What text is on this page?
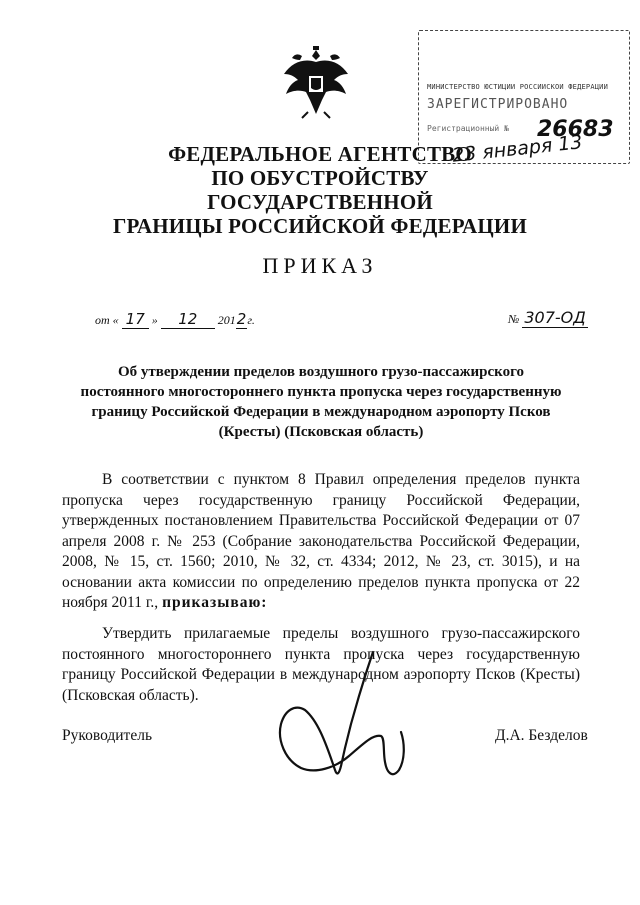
МИНИСТЕРСТВО ЮСТИЦИИ РОССИЙСКОЙ ФЕДЕРАЦИИ
ЗАРЕГИСТРИРОВАНО
Регистрационный №	26683
ФЕДЕРАЛЬНОЕ АГЕНТСТВО
ПО ОБУСТРОЙСТВУ ГОСУДАРСТВЕННОЙ
ГРАНИЦЫ РОССИЙСКОЙ ФЕДЕРАЦИИ
23 января 13
ПРИКАЗ
от « 17 » 12 2012г.	№ 307-ОД
Об утверждении пределов воздушного грузо-пассажирского постоянного многостороннего пункта пропуска через государственную границу Российской Федерации в международном аэропорту Псков (Кресты) (Псковская область)
В соответствии с пунктом 8 Правил определения пределов пункта пропуска через государственную границу Российской Федерации, утвержденных постановлением Правительства Российской Федерации от 07 апреля 2008 г. № 253 (Собрание законодательства Российской Федерации, 2008, № 15, ст. 1560; 2010, № 32, ст. 4334; 2012, № 23, ст. 3015), и на основании акта комиссии по определению пределов пункта пропуска от 22 ноября 2011 г., приказываю:
Утвердить прилагаемые пределы воздушного грузо-пассажирского постоянного многостороннего пункта пропуска через государственную границу Российской Федерации в международном аэропорту Псков (Кресты) (Псковская область).
Руководитель	Д.А. Безделов
